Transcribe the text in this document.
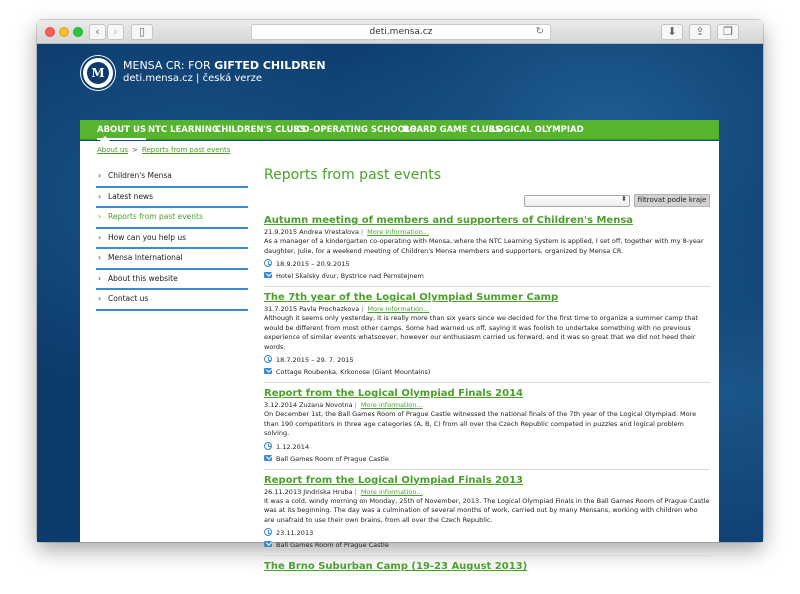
‹	›	▯	deti.mensa.cz	↻	⬇	⇪	❐
M
MENSA CR: FOR GIFTED CHILDREN
deti.mensa.cz | česká verze
ABOUT US NTC LEARNING
CHILDREN'S CLUBS
CO-OPERATING SCHOOLS
BOARD GAME CLUBS
LOGICAL OLYMPIAD
About us > Reports from past events
› Children's Mensa
› Latest news
› Reports from past events
› How can you help us
› Mensa International
› About this website
› Contact us
Reports from past events
⬍	filtrovat podle kraje
Autumn meeting of members and supporters of Children's Mensa
21.9.2015 Andrea Vrestalova | More information...
As a manager of a kindergarten co-operating with Mensa, where the NTC Learning System is applied, I set off, together with my 8-year daughter, Julie, for a weekend meeting of Children's Mensa members and supporters, organized by Mensa CR.
18.9.2015 – 20.9.2015
Hotel Skalsky dvur, Bystrice nad Pernstejnem
The 7th year of the Logical Olympiad Summer Camp
31.7.2015 Pavla Prochazkova | More information...
Although it seems only yesterday, it is really more than six years since we decided for the first time to organize a summer camp that would be different from most other camps. Some had warned us off, saying it was foolish to undertake something with no previous experience of similar events whatsoever, however our enthusiasm carried us forward, and it was so great that we did not heed their words.
18.7.2015 – 29. 7. 2015
Cottage Roubenka, Krkonose (Giant Mountains)
Report from the Logical Olympiad Finals 2014
3.12.2014 Zuzana Novotna | More information...
On December 1st, the Ball Games Room of Prague Castle witnessed the national finals of the 7th year of the Logical Olympiad. More than 190 competitors in three age categories (A, B, C) from all over the Czech Republic competed in puzzles and logical problem solving.
1.12.2014
Ball Games Room of Prague Castle
Report from the Logical Olympiad Finals 2013
26.11.2013 Jindriska Hruba | More information...
It was a cold, windy morning on Monday, 25th of November, 2013. The Logical Olympiad Finals in the Ball Games Room of Prague Castle was at its beginning. The day was a culmination of several months of work, carried out by many Mensans, working with children who are unafraid to use their own brains, from all over the Czech Republic.
23.11.2013
Ball Games Room of Prague Castle
The Brno Suburban Camp (19-23 August 2013)
